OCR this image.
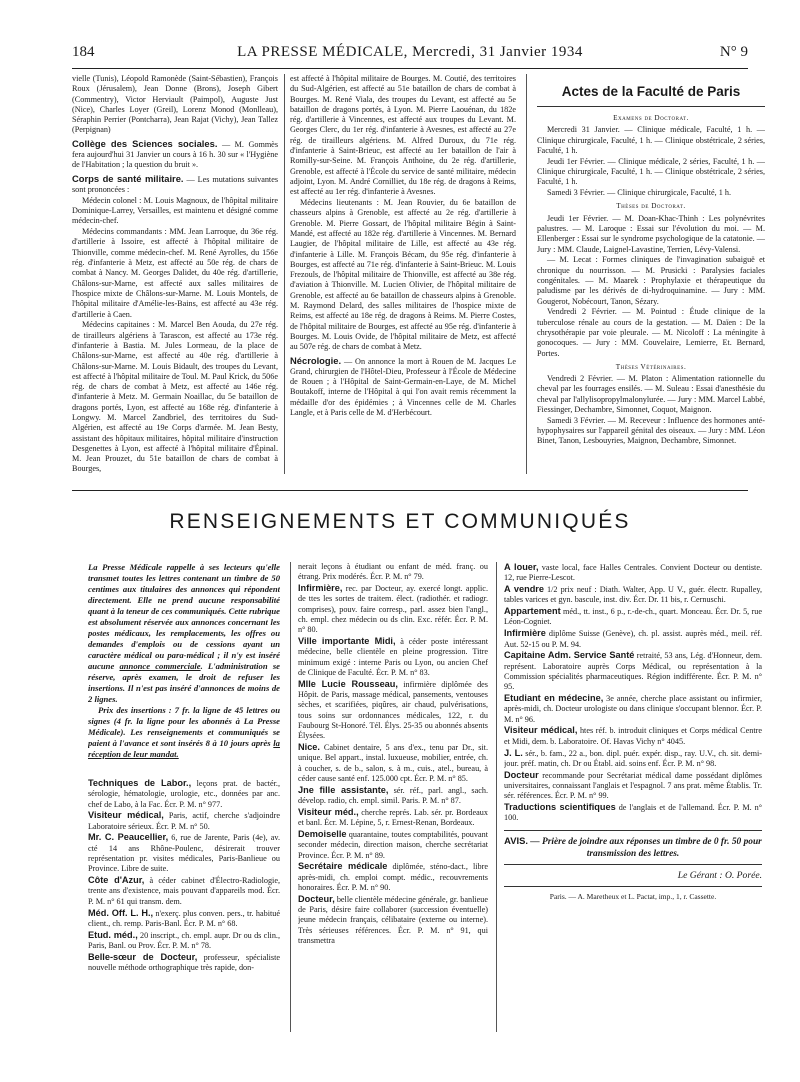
184	LA PRESSE MÉDICALE, Mercredi, 31 Janvier 1934	N° 9

vielle (Tunis), Léopold Ramonède (Saint-Sébastien), François Roux (Jérusalem), Jean Donne (Brons), Joseph Gibert (Commentry), Victor Herviault (Paimpol), Auguste Just (Nice), Charles Loyer (Greil), Lorenz Monod (Monlleau), Séraphin Perrier (Pontcharra), Jean Rajat (Vichy), Jean Tallez (Perpignan)

Collège des Sciences sociales. — M. Gommès fera aujourd'hui 31 Janvier un cours à 16 h. 30 sur « l'Hygiène de l'Habitation ; la question du bruit ».

Corps de santé militaire. — Les mutations suivantes sont prononcées :

Médecin colonel : M. Louis Magnoux, de l'hôpital militaire Dominique-Larrey, Versailles, est maintenu et désigné comme médecin-chef.

Médecins commandants : MM. Jean Larroque, du 36e rég. d'artillerie à Issoire, est affecté à l'hôpital militaire de Thionville, comme médecin-chef. M. René Ayrolles, du 156e rég. d'infanterie à Metz, est affecté au 50e rég. de chars de combat à Nancy. M. Georges Dalidet, du 40e rég. d'artillerie, Châlons-sur-Marne, est affecté aux salles militaires de l'hospice mixte de Châlons-sur-Marne. M. Louis Montels, de l'hôpital militaire d'Amélie-les-Bains, est affecté au 43e rég. d'artillerie à Caen.

Médecins capitaines : M. Marcel Ben Aouda, du 27e rég. de tirailleurs algériens à Tarascon, est affecté au 173e rég. d'infanterie à Bastia. M. Jules Lormeau, de la place de Châlons-sur-Marne, est affecté au 40e rég. d'artillerie à Châlons-sur-Marne. M. Louis Bidault, des troupes du Levant, est affecté à l'hôpital militaire de Toul. M. Paul Krick, du 506e rég. de chars de combat à Metz, est affecté au 146e rég. d'infanterie à Metz. M. Germain Noaillac, du 5e bataillon de dragons portés, Lyon, est affecté au 168e rég. d'infanterie à Longwy. M. Marcel Zandbriel, des territoires du Sud-Algérien, est affecté au 19e Corps d'armée. M. Jean Besty, assistant des hôpitaux militaires, hôpital militaire d'instruction Desgenettes à Lyon, est affecté à l'hôpital militaire d'Épinal. M. Jean Prouzet, du 51e bataillon de chars de combat à Bourges,

est affecté à l'hôpital militaire de Bourges. M. Coutié, des territoires du Sud-Algérien, est affecté au 51e bataillon de chars de combat à Bourges. M. René Viala, des troupes du Levant, est affecté au 5e bataillon de dragons portés, à Lyon. M. Pierre Laouénan, du 182e rég. d'artillerie à Vincennes, est affecté aux troupes du Levant. M. Georges Clerc, du 1er rég. d'infanterie à Avesnes, est affecté au 27e rég. de tirailleurs algériens. M. Alfred Duroux, du 71e rég. d'infanterie à Saint-Brieuc, est affecté au 1er bataillon de l'air à Romilly-sur-Seine. M. François Anthoine, du 2e rég. d'artillerie, Grenoble, est affecté à l'École du service de santé militaire, médecin adjoint, Lyon. M. André Cornilliet, du 18e rég. de dragons à Reims, est affecté au 1er rég. d'infanterie à Avesnes.

Médecins lieutenants : M. Jean Rouvier, du 6e bataillon de chasseurs alpins à Grenoble, est affecté au 2e rég. d'artillerie à Grenoble. M. Pierre Gossart, de l'hôpital militaire Bégin à Saint-Mandé, est affecté au 182e rég. d'artillerie à Vincennes. M. Bernard Laugier, de l'hôpital militaire de Lille, est affecté au 43e rég. d'infanterie à Lille. M. François Bécam, du 95e rég. d'infanterie à Bourges, est affecté au 71e rég. d'infanterie à Saint-Brieuc. M. Louis Frezouls, de l'hôpital militaire de Thionville, est affecté au 38e rég. d'aviation à Thionville. M. Lucien Olivier, de l'hôpital militaire de Grenoble, est affecté au 6e bataillon de chasseurs alpins à Grenoble. M. Raymond Delard, des salles militaires de l'hospice mixte de Reims, est affecté au 18e rég. de dragons à Reims. M. Pierre Costes, de l'hôpital militaire de Bourges, est affecté au 95e rég. d'infanterie à Bourges. M. Louis Ovide, de l'hôpital militaire de Metz, est affecté au 507e rég. de chars de combat à Metz.

Nécrologie. — On annonce la mort à Rouen de M. Jacques Le Grand, chirurgien de l'Hôtel-Dieu, Professeur à l'École de Médecine de Rouen ; à l'Hôpital de Saint-Germain-en-Laye, de M. Michel Boutakoff, interne de l'Hôpital à qui l'on avait remis récemment la médaille d'or des épidémies ; à Vincennes celle de M. Charles Langle, et à Paris celle de M. d'Herbécourt.

Actes de la Faculté de Paris

Examens de Doctorat.

Mercredi 31 Janvier. — Clinique médicale, Faculté, 1 h. — Clinique chirurgicale, Faculté, 1 h. — Clinique obstétricale, 2 séries, Faculté, 1 h.

Jeudi 1er Février. — Clinique médicale, 2 séries, Faculté, 1 h. — Clinique chirurgicale, Faculté, 1 h. — Clinique obstétricale, 2 séries, Faculté, 1 h.

Samedi 3 Février. — Clinique chirurgicale, Faculté, 1 h.

Thèses de Doctorat.

Jeudi 1er Février. — M. Doan-Khac-Thinh : Les polynévrites palustres. — M. Laroque : Essai sur l'évolution du moi. — M. Ellenberger : Essai sur le syndrome psychologique de la catatonie. — Jury : MM. Claude, Laignel-Lavastine, Terrien, Lévy-Valensi.

— M. Lecat : Formes cliniques de l'invagination subaiguë et chronique du nourrisson. — M. Prusicki : Paralysies faciales congénitales. — M. Maarek : Prophylaxie et thérapeutique du paludisme par les dérivés de di-hydroquinamine. — Jury : MM. Gougerot, Nobécourt, Tanon, Sézary.

Vendredi 2 Février. — M. Pointud : Étude clinique de la tuberculose rénale au cours de la gestation. — M. Daïen : De la chrysothérapie par voie pleurale. — M. Nicoloff : La méningite à gonocoques. — Jury : MM. Couvelaire, Lemierre, Et. Bernard, Portes.

Thèses Vétérinaires.

Vendredi 2 Février. — M. Platon : Alimentation rationnelle du cheval par les fourrages ensilés. — M. Suleau : Essai d'anesthésie du cheval par l'allylisopropylmalonylurée. — Jury : MM. Marcel Labbé, Fiessinger, Dechambre, Simonnet, Coquot, Maignon.

Samedi 3 Février. — M. Receveur : Influence des hormones anté-hypophysaires sur l'appareil génital des oiseaux. — Jury : MM. Léon Binet, Tanon, Lesbouyries, Maignon, Dechambre, Simonnet.

RENSEIGNEMENTS ET COMMUNIQUÉS

La Presse Médicale rappelle à ses lecteurs qu'elle transmet toutes les lettres contenant un timbre de 50 centimes aux titulaires des annonces qui répondent directement. Elle ne prend aucune responsabilité quant à la teneur de ces communiqués. Cette rubrique est absolument réservée aux annonces concernant les postes médicaux, les remplacements, les offres ou demandes d'emplois ou de cessions ayant un caractère médical ou para-médical ; il n'y est inséré aucune annonce commerciale. L'administration se réserve, après examen, le droit de refuser les insertions. Il n'est pas inséré d'annonces de moins de 2 lignes.

Prix des insertions : 7 fr. la ligne de 45 lettres ou signes (4 fr. la ligne pour les abonnés à La Presse Médicale). Les renseignements et communiqués se paient à l'avance et sont insérés 8 à 10 jours après la réception de leur mandat.

Techniques de Labor., leçons prat. de bactér., sérologie, hématologie, urologie, etc., données par anc. chef de Labo, à la Fac. Écr. P. M. n° 977.

Visiteur médical, Paris, actif, cherche s'adjoindre Laboratoire sérieux. Écr. P. M. n° 50.

Mr. C. Peaucellier, 6, rue de Jarente, Paris (4e), av. cté 14 ans Rhône-Poulenc, désirerait trouver représentation pr. visites médicales, Paris-Banlieue ou Province. Libre de suite.

Côte d'Azur, à céder cabinet d'Électro-Radiologie, trente ans d'existence, mais pouvant d'appareils mod. Écr. P. M. n° 61 qui transm. dem.

Méd. Off. L. H., n'exerç. plus conven. pers., tr. habitué client., ch. remp. Paris-Banl. Écr. P. M. n° 68.

Etud. méd., 20 inscript., ch. empl. aupr. Dr ou ds clin., Paris, Banl. ou Prov. Écr. P. M. n° 78.

Belle-sœur de Docteur, professeur, spécialiste nouvelle méthode orthographique très rapide, don-

nerait leçons à étudiant ou enfant de méd. franç. ou étrang. Prix modérés. Écr. P. M. n° 79.

Infirmière, rec. par Docteur, ay. exercé longt. applic. de ttes les sortes de traitem. élect. (radiothér. et radiogr. comprises), pouv. faire corresp., parl. assez bien l'angl., ch. empl. chez médecin ou ds clin. Exc. référ. Écr. P. M. n° 80.

Ville importante Midi, à céder poste intéressant médecine, belle clientèle en pleine progression. Titre minimum exigé : interne Paris ou Lyon, ou ancien Chef de Clinique de Faculté. Écr. P. M. n° 83.

Mlle Lucie Rousseau, infirmière diplômée des Hôpit. de Paris, massage médical, pansements, ventouses sèches, et scarifiées, piqûres, air chaud, pulvérisations, tous soins sur ordonnances médicales, 122, r. du Faubourg St-Honoré. Tél. Élys. 25-35 ou abonnés absents Élysées.

Nice. Cabinet dentaire, 5 ans d'ex., tenu par Dr., sit. unique. Bel appart., instal. luxueuse, mobilier, entrée, ch. à coucher, s. de b., salon, s. à m., cuis., atel., bureau, à céder cause santé enf. 125.000 cpt. Écr. P. M. n° 85.

Jne fille assistante, sér. réf., parl. angl., sach. dévelop. radio, ch. empl. simil. Paris. P. M. n° 87.

Visiteur méd., cherche représ. Lab. sér. pr. Bordeaux et banl. Écr. M. Lépine, 5, r. Ernest-Renan, Bordeaux.

Demoiselle quarantaine, toutes comptabilités, pouvant seconder médecin, direction maison, cherche secrétariat Province. Écr. P. M. n° 89.

Secrétaire médicale diplômée, sténo-dact., libre après-midi, ch. emploi compt. médic., recouvrements honoraires. Écr. P. M. n° 90.

Docteur, belle clientèle médecine générale, gr. banlieue de Paris, désire faire collaborer (succession éventuelle) jeune médecin français, célibataire (externe ou interne). Très sérieuses références. Écr. P. M. n° 91, qui transmettra

A louer, vaste local, face Halles Centrales. Convient Docteur ou dentiste. 12, rue Pierre-Lescot.

A vendre 1/2 prix neuf : Diath. Walter, App. U V., guér. électr. Rupalley, tables varices et gyn. bascule, inst. div. Écr. Dr. 11 bis, r. Cernuschi.

Appartement méd., tt. inst., 6 p., r.-de-ch., quart. Monceau. Écr. Dr. 5, rue Léon-Cogniet.

Infirmière diplôme Suisse (Genève), ch. pl. assist. auprès méd., meil. réf. Aut. 52-15 ou P. M. 94.

Capitaine Adm. Service Santé retraité, 53 ans, Lég. d'Honneur, dem. représent. Laboratoire auprès Corps Médical, ou représentation à la Commission spécialités pharmaceutiques. Région indifférente. Écr. P. M. n° 95.

Etudiant en médecine, 3e année, cherche place assistant ou infirmier, après-midi, ch. Docteur urologiste ou dans clinique s'occupant blennor. Écr. P. M. n° 96.

Visiteur médical, htes réf. b. introduit cliniques et Corps médical Centre et Midi, dem. b. Laboratoire. Of. Havas Vichy n° 4045.

J. L. sér., b. fam., 22 a., bon. dipl. puér. expér. disp., ray. U.V., ch. sit. demi-jour. préf. matin, ch. Dr ou Établ. aid. soins enf. Écr. P. M. n° 98.

Docteur recommande pour Secrétariat médical dame possédant diplômes universitaires, connaissant l'anglais et l'espagnol. 7 ans prat. même Établis. Tr. sér. références. Écr. P. M. n° 99.

Traductions scientifiques de l'anglais et de l'allemand. Écr. P. M. n° 100.

AVIS. — Prière de joindre aux réponses un timbre de 0 fr. 50 pour transmission des lettres.
Le Gérant : O. Porée.
Paris. — A. Maretheux et L. Pactat, imp., 1, r. Cassette.
